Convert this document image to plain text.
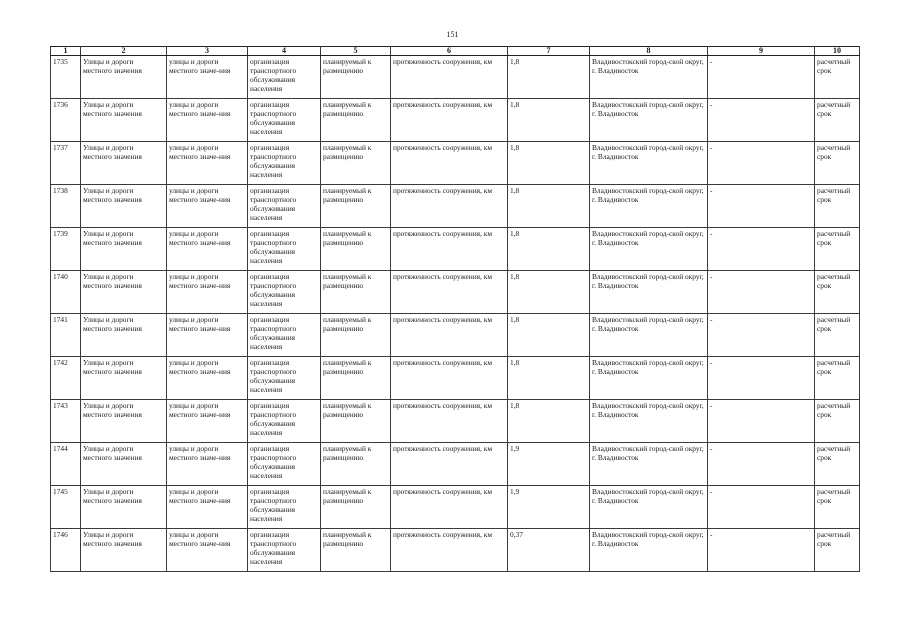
151
1	2	3	4	5	6	7	8	9	10
1735	Улицы и дороги местного значения	улицы и дороги местного значе-ния	организация транспортного обслуживания населения	планируемый к размещению	протяженность сооружения, км	1,8	Владивостокский город-ской округ, г. Владивосток	-	расчетный срок
1736	Улицы и дороги местного значения	улицы и дороги местного значе-ния	организация транспортного обслуживания населения	планируемый к размещению	протяженность сооружения, км	1,8	Владивостокский город-ской округ, г. Владивосток	-	расчетный срок
1737	Улицы и дороги местного значения	улицы и дороги местного значе-ния	организация транспортного обслуживания населения	планируемый к размещению	протяженность сооружения, км	1,8	Владивостокский город-ской округ, г. Владивосток	-	расчетный срок
1738	Улицы и дороги местного значения	улицы и дороги местного значе-ния	организация транспортного обслуживания населения	планируемый к размещению	протяженность сооружения, км	1,8	Владивостокский город-ской округ, г. Владивосток	-	расчетный срок
1739	Улицы и дороги местного значения	улицы и дороги местного значе-ния	организация транспортного обслуживания населения	планируемый к размещению	протяженность сооружения, км	1,8	Владивостокский город-ской округ, г. Владивосток	-	расчетный срок
1740	Улицы и дороги местного значения	улицы и дороги местного значе-ния	организация транспортного обслуживания населения	планируемый к размещению	протяженность сооружения, км	1,8	Владивостокский город-ской округ, г. Владивосток	-	расчетный срок
1741	Улицы и дороги местного значения	улицы и дороги местного значе-ния	организация транспортного обслуживания населения	планируемый к размещению	протяженность сооружения, км	1,8	Владивостокский город-ской округ, г. Владивосток	-	расчетный срок
1742	Улицы и дороги местного значения	улицы и дороги местного значе-ния	организация транспортного обслуживания населения	планируемый к размещению	протяженность сооружения, км	1,8	Владивостокский город-ской округ, г. Владивосток	-	расчетный срок
1743	Улицы и дороги местного значения	улицы и дороги местного значе-ния	организация транспортного обслуживания населения	планируемый к размещению	протяженность сооружения, км	1,8	Владивостокский город-ской округ, г. Владивосток	-	расчетный срок
1744	Улицы и дороги местного значения	улицы и дороги местного значе-ния	организация транспортного обслуживания населения	планируемый к размещению	протяженность сооружения, км	1,9	Владивостокский город-ской округ, г. Владивосток	-	расчетный срок
1745	Улицы и дороги местного значения	улицы и дороги местного значе-ния	организация транспортного обслуживания населения	планируемый к размещению	протяженность сооружения, км	1,9	Владивостокский город-ской округ, г. Владивосток	-	расчетный срок
1746	Улицы и дороги местного значения	улицы и дороги местного значе-ния	организация транспортного обслуживания населения	планируемый к размещению	протяженность сооружения, км	0,37	Владивостокский город-ской округ, г. Владивосток	-	расчетный срок
